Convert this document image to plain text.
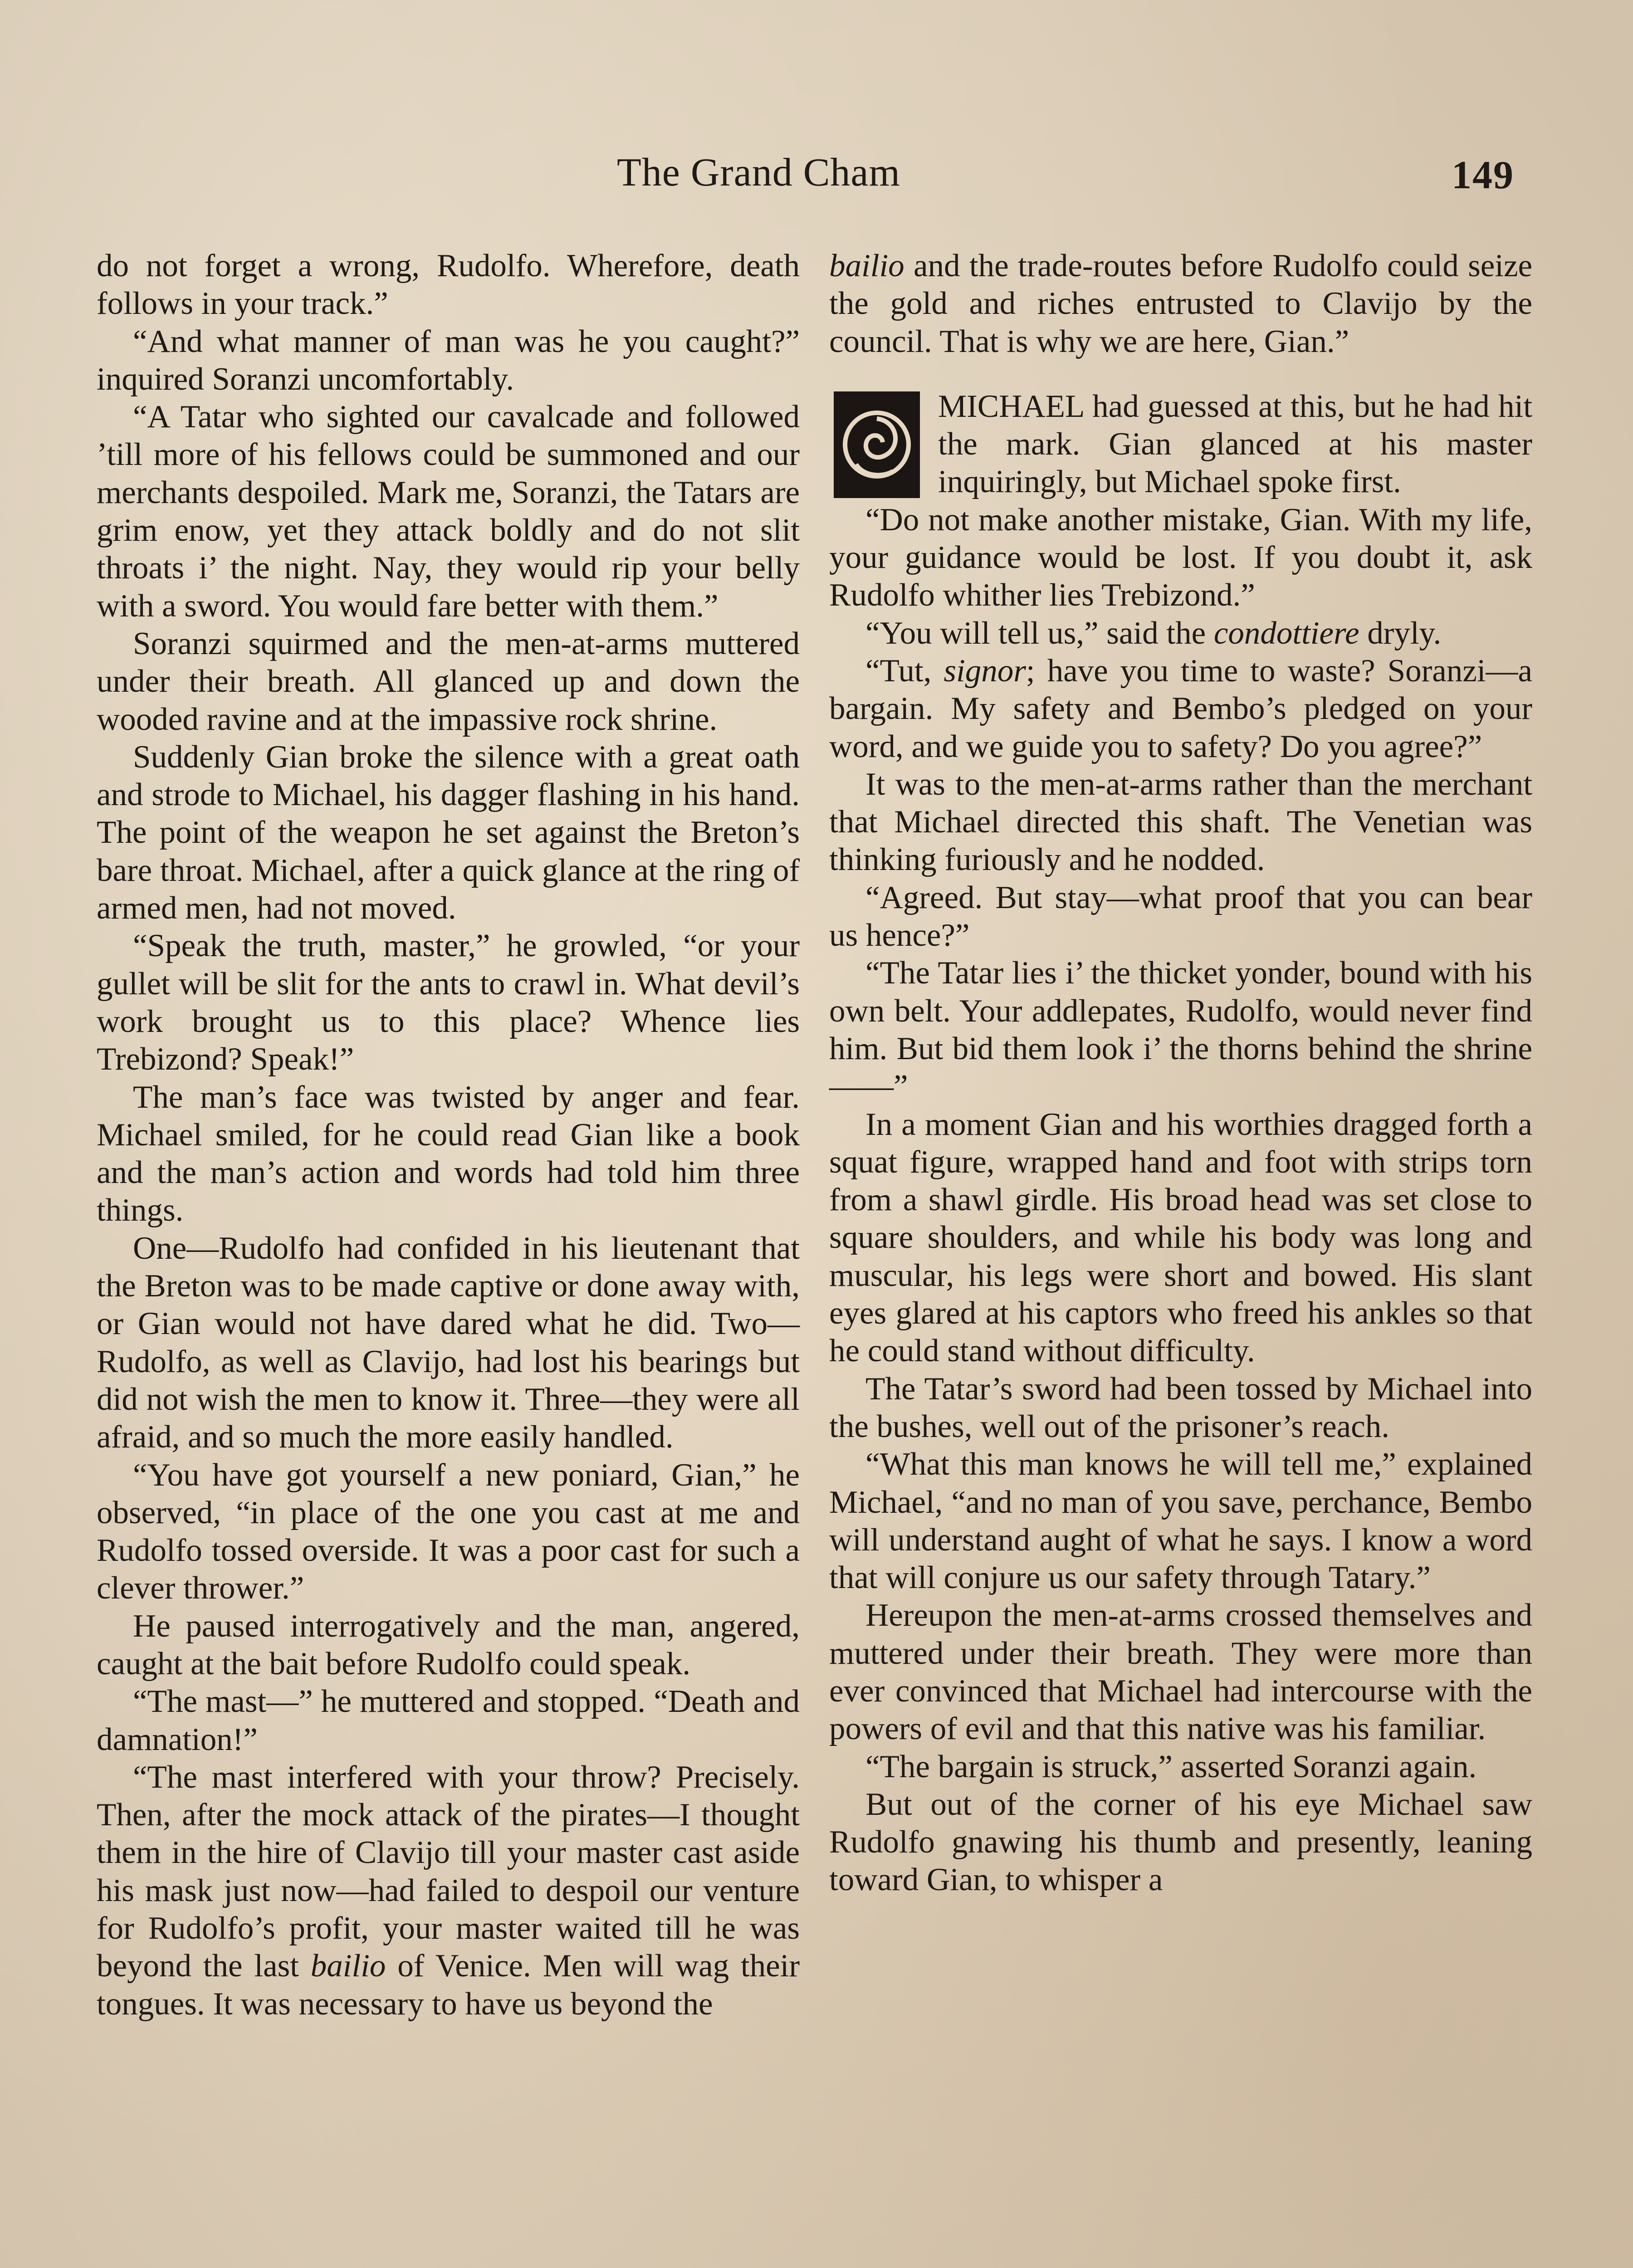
The Grand Cham	149

do not forget a wrong, Rudolfo. Wherefore, death follows in your track.”

“And what manner of man was he you caught?” inquired Soranzi uncomfortably.

“A Tatar who sighted our cavalcade and followed ’till more of his fellows could be summoned and our merchants despoiled. Mark me, Soranzi, the Tatars are grim enow, yet they attack boldly and do not slit throats i’ the night. Nay, they would rip your belly with a sword. You would fare better with them.”

Soranzi squirmed and the men-at-arms muttered under their breath. All glanced up and down the wooded ravine and at the impassive rock shrine.

Suddenly Gian broke the silence with a great oath and strode to Michael, his dagger flashing in his hand. The point of the weapon he set against the Breton’s bare throat. Michael, after a quick glance at the ring of armed men, had not moved.

“Speak the truth, master,” he growled, “or your gullet will be slit for the ants to crawl in. What devil’s work brought us to this place? Whence lies Trebizond? Speak!”

The man’s face was twisted by anger and fear. Michael smiled, for he could read Gian like a book and the man’s action and words had told him three things.

One—Rudolfo had confided in his lieutenant that the Breton was to be made captive or done away with, or Gian would not have dared what he did. Two—Rudolfo, as well as Clavijo, had lost his bearings but did not wish the men to know it. Three—they were all afraid, and so much the more easily handled.

“You have got yourself a new poniard, Gian,” he observed, “in place of the one you cast at me and Rudolfo tossed overside. It was a poor cast for such a clever thrower.”

He paused interrogatively and the man, angered, caught at the bait before Rudolfo could speak.

“The mast—” he muttered and stopped. “Death and damnation!”

“The mast interfered with your throw? Precisely. Then, after the mock attack of the pirates—I thought them in the hire of Clavijo till your master cast aside his mask just now—had failed to despoil our venture for Rudolfo’s profit, your master waited till he was beyond the last bailio of Venice. Men will wag their tongues. It was necessary to have us beyond the

bailio and the trade-routes before Rudolfo could seize the gold and riches entrusted to Clavijo by the council. That is why we are here, Gian.”

MICHAEL had guessed at this, but he had hit the mark. Gian glanced at his master inquiringly, but Michael spoke first.

“Do not make another mistake, Gian. With my life, your guidance would be lost. If you doubt it, ask Rudolfo whither lies Trebizond.”

“You will tell us,” said the condottiere dryly.

“Tut, signor; have you time to waste? Soranzi—a bargain. My safety and Bembo’s pledged on your word, and we guide you to safety? Do you agree?”

It was to the men-at-arms rather than the merchant that Michael directed this shaft. The Venetian was thinking furiously and he nodded.

“Agreed. But stay—what proof that you can bear us hence?”

“The Tatar lies i’ the thicket yonder, bound with his own belt. Your addlepates, Rudolfo, would never find him. But bid them look i’ the thorns behind the shrine——”

In a moment Gian and his worthies dragged forth a squat figure, wrapped hand and foot with strips torn from a shawl girdle. His broad head was set close to square shoulders, and while his body was long and muscular, his legs were short and bowed. His slant eyes glared at his captors who freed his ankles so that he could stand without difficulty.

The Tatar’s sword had been tossed by Michael into the bushes, well out of the prisoner’s reach.

“What this man knows he will tell me,” explained Michael, “and no man of you save, perchance, Bembo will understand aught of what he says. I know a word that will conjure us our safety through Tatary.”

Hereupon the men-at-arms crossed themselves and muttered under their breath. They were more than ever convinced that Michael had intercourse with the powers of evil and that this native was his familiar.

“The bargain is struck,” asserted Soranzi again.

But out of the corner of his eye Michael saw Rudolfo gnawing his thumb and presently, leaning toward Gian, to whisper a
